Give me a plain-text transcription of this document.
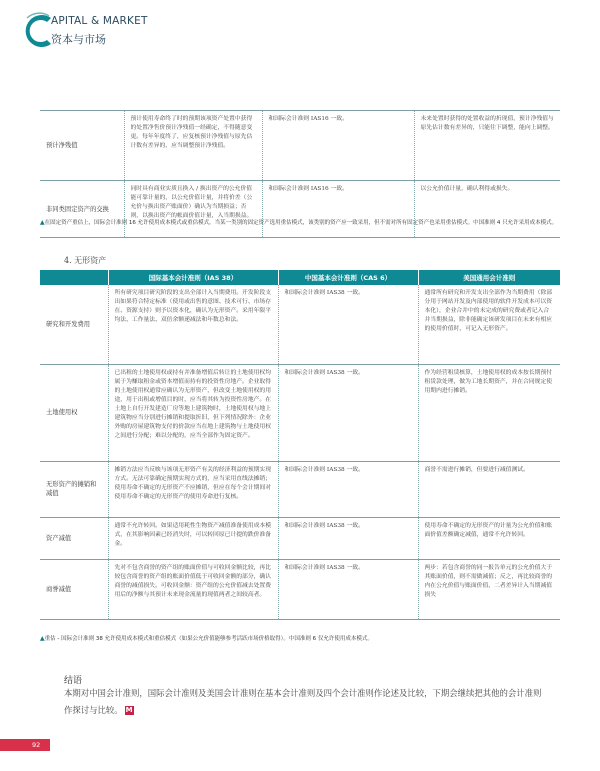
APITAL & MARKET
资本与市场
预计净残值	预计使用寿命终了时的预期该项资产处置中获得的处置净售价预计净残值一经确定，不得随意变更。每年年度终了，应复核预计净残值与原先估计数有差异的，应当调整预计净残值。	和国际会计准则 IAS16 一致。	未来处置时获得的处置收益的折现值，预计净残值与原先估计数有差异的，只能往下调整，能向上调整。
非同类固定资产的交换	同时具有商业实质且换入 / 换出资产的公允价值能可靠计量的，以公允价值计量，并将价差（公允价与换出资产账面价）确认为当期损益；否则，以换出资产的帐面价值计量，入当期损益。	和国际会计准则 IAS16 一致。	以公允价值计量，确认利得或损失。
▲在固定资产重估上，国际会计准则 16 允许使用成本模式或重估模式。当某一类别的固定资产选用重估模式，该类别的资产应一致采用，但不需对所有固定资产也采用重估模式。中国准则 4 只允许采用成本模式。
4. 无形资产
	国际基本会计准则（IAS 38）	中国基本会计准则（CAS 6）	美国通用会计准则
研究和开发费用	所有研究项目研究阶段的支出全部计入当期费用。开发阶段支出如果符合特定标准（使用或出售的意图、技术可行、市场存在、资源支持）则予以资本化，确认为无形资产。采用年限平均法、工作量法、双倍余额递减法和年数总和法。	和国际会计准则 IAS38 一致。	通常所有研究和开发支出全部作为当期费用（除部分用于网站开发及内部使用的软件开发成本可以资本化），企业合并中的未完成的研究费或者记入合并当期损益，除非能确定该研发项目在未来有相应的使用价值时，可记入无形资产。
土地使用权	已出租的土地使用权或持有并准备增值后转让的土地使用权均属于为赚取租金或资本增值而持有的投资性房地产。企业取得的土地使用权通常应确认为无形资产，但改变土地使用权的用途，用于出租或增值目的时，应当将其转为投资性房地产。在土地上自行开发建造厂房等地上建筑物时，土地使用权与地上建筑物应当分别进行摊销和提取折旧，但下列情况除外：企业外购的房屋建筑物支付的价款应当在地上建筑物与土地使用权之间进行分配；难以分配的，应当全部作为固定资产。	和国际会计准则 IAS38 一致。	作为经营租赁核算，土地使用权的成本按长期预付租赁款处理，做为工地长期资产，并在合同规定使用期内进行摊销。
无形资产的摊销和减值	摊销方法应当反映与该项无形资产有关的经济利益的预期实现方式。无法可靠确定预期实现方式的，应当采用直线法摊销；使用寿命不确定的无形资产不应摊销，但应在每个会计期间对使用寿命不确定的无形资产的使用寿命进行复核。	和国际会计准则 IAS38 一致。	商誉不需进行摊销，但要进行减值测试。
资产减值	通常不允许转回。如果适用耗性生物资产减值准备使用成本模式，在其影响因素已经消失时，可以转回原已计提的跌价准备金。	和国际会计准则 IAS38 一致。	使用寿命不确定的无形资产的计量为公允价值和账面价值差额确定减值，通常不允许转回。
商誉减值	先对不包含商誉的资产组的账面价值与可收回金额比较，再比较包含商誉的资产组的账面价值低于可收回金额的部分，确认商誉的减值损失。可收回金额：资产组的公允价值减去处置费用后的净额与其预计未来现金流量的现值两者之间较高者。	和国际会计准则 IAS38 一致。	两步：若包含商誉的同一报告单元的公允价值大于其账面价值，则不需做减值；反之，再比较商誉的内在公允价值与账面价值，二者差异计入当期减值损失
▲重估 - 国际会计准则 38 允许使用成本模式和重估模式（如果公允价值能够参考活跃市场价格取得）。中国准则 6 仅允许使用成本模式。
结语
本期对中国会计准则，国际会计准则及美国会计准则在基本会计准则及四个会计准则作论述及比较，下期会继续把其他的会计准则作探讨与比较。 M
92
